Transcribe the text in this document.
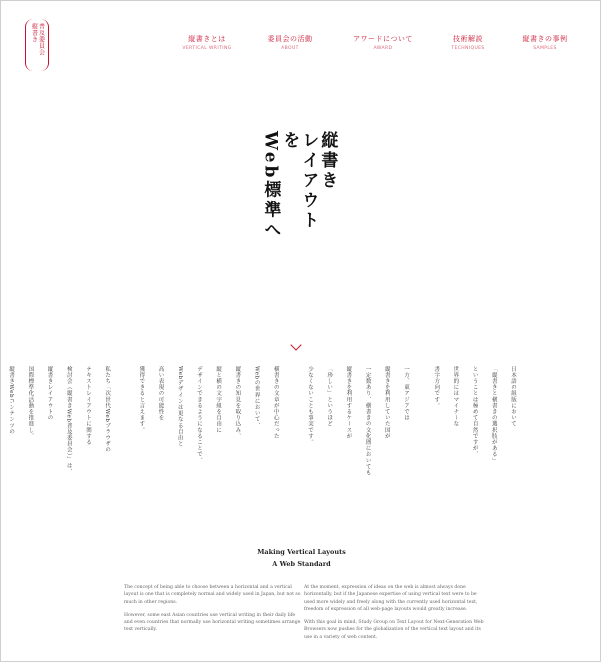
縦書き 普及委員会	縦書きとは
VERTICAL WRITING
委員会の活動
ABOUT
アワードについて
AWARD
技術解説
TECHNIQUES
縦書きの事例
SAMPLES
縦書き
レイアウトを
Web標準へ

日本語の組版において

「縦書きと横書きの選択肢がある」

ということは極めて自然ですが、

世界的にはマイナーな

書字方向です。

一方、東アジアでは

縦書きを利用していた国が

一定数あり、横書きの文化圏においても

縦書きを利用するケースが

「珍しい」というほど

少なくないことも事実です。

横書きの文章が中心だった

Webの世界において、

縦書きの知見を取り込み、

縦と横の文字組を自由に

デザインできるようになることで、

Webデザインは更なる自由と

高い表現の可能性を

獲得できると言えます。

私たち「次世代Webブラウザの

テキストレイアウトに関する

検討会（縦書きWeb普及委員会）」は、

縦書きレイアウトの

国際標準化活動を推進し、

縦書きWebコンテンツの

Making Vertical Layouts
A Web Standard

The concept of being able to choose between a horizontal and a vertical layout is one that is completely normal and widely used in Japan, but not so much in other regions.

However, some east Asian countries use vertical writing in their daily life and even countries that normally use horizontal writing sometimes arrange text vertically.

At the moment, expression of ideas on the web is almost always done horizontally, but if the Japanese expertise of using vertical text were to be used more widely and freely along with the currently used horizontal text, freedom of expression of all web-page layouts would greatly increase.

With this goal in mind, Study Group on Text Layout for Next-Generation Web Browsers now pushes for the globalization of the vertical text layout and its use in a variety of web content.
